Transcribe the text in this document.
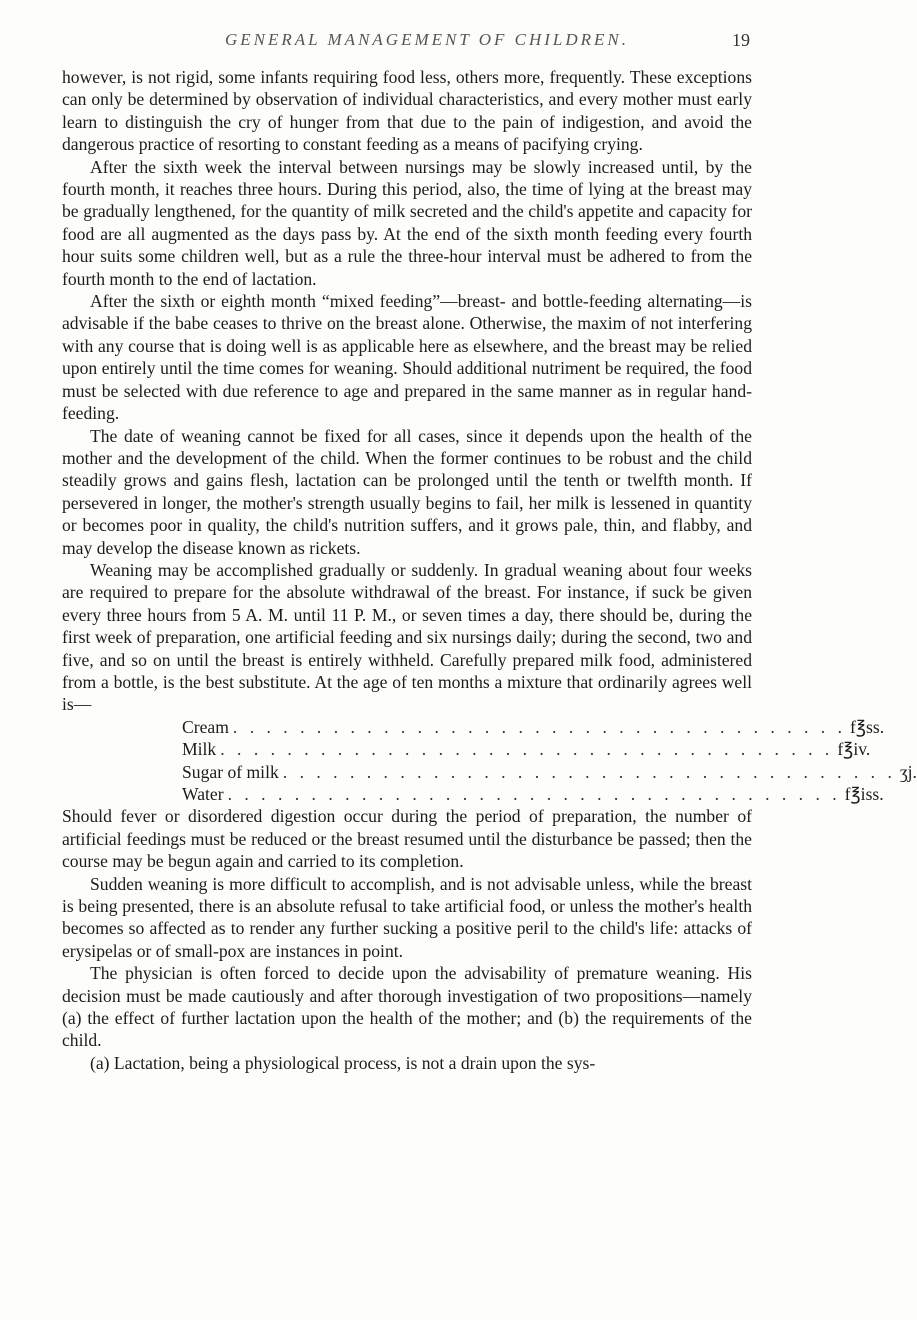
GENERAL MANAGEMENT OF CHILDREN.	19

however, is not rigid, some infants requiring food less, others more, frequently. These exceptions can only be determined by observation of individual characteristics, and every mother must early learn to distinguish the cry of hunger from that due to the pain of indigestion, and avoid the dangerous practice of resorting to constant feeding as a means of pacifying crying.

After the sixth week the interval between nursings may be slowly increased until, by the fourth month, it reaches three hours. During this period, also, the time of lying at the breast may be gradually lengthened, for the quantity of milk secreted and the child's appetite and capacity for food are all augmented as the days pass by. At the end of the sixth month feeding every fourth hour suits some children well, but as a rule the three-hour interval must be adhered to from the fourth month to the end of lactation.

After the sixth or eighth month “mixed feeding”—breast- and bottle-feeding alternating—is advisable if the babe ceases to thrive on the breast alone. Otherwise, the maxim of not interfering with any course that is doing well is as applicable here as elsewhere, and the breast may be relied upon entirely until the time comes for weaning. Should additional nutriment be required, the food must be selected with due reference to age and prepared in the same manner as in regular hand-feeding.

The date of weaning cannot be fixed for all cases, since it depends upon the health of the mother and the development of the child. When the former continues to be robust and the child steadily grows and gains flesh, lactation can be prolonged until the tenth or twelfth month. If persevered in longer, the mother's strength usually begins to fail, her milk is lessened in quantity or becomes poor in quality, the child's nutrition suffers, and it grows pale, thin, and flabby, and may develop the disease known as rickets.

Weaning may be accomplished gradually or suddenly. In gradual weaning about four weeks are required to prepare for the absolute withdrawal of the breast. For instance, if suck be given every three hours from 5 A. M. until 11 P. M., or seven times a day, there should be, during the first week of preparation, one artificial feeding and six nursings daily; during the second, two and five, and so on until the breast is entirely withheld. Carefully prepared milk food, administered from a bottle, is the best substitute. At the age of ten months a mixture that ordinarily agrees well is—

Cream . . . . . . . . . . . . . . . . . . . . . . . . . . . . . . . . . . . . . f℥ss.
Milk . . . . . . . . . . . . . . . . . . . . . . . . . . . . . . . . . . . . . f℥iv.
Sugar of milk . . . . . . . . . . . . . . . . . . . . . . . . . . . . . . . . . . . . . ʒj.
Water . . . . . . . . . . . . . . . . . . . . . . . . . . . . . . . . . . . . . f℥iss.

Should fever or disordered digestion occur during the period of preparation, the number of artificial feedings must be reduced or the breast resumed until the disturbance be passed; then the course may be begun again and carried to its completion.

Sudden weaning is more difficult to accomplish, and is not advisable unless, while the breast is being presented, there is an absolute refusal to take artificial food, or unless the mother's health becomes so affected as to render any further sucking a positive peril to the child's life: attacks of erysipelas or of small-pox are instances in point.

The physician is often forced to decide upon the advisability of premature weaning. His decision must be made cautiously and after thorough investigation of two propositions—namely (a) the effect of further lactation upon the health of the mother; and (b) the requirements of the child.

(a) Lactation, being a physiological process, is not a drain upon the sys-
